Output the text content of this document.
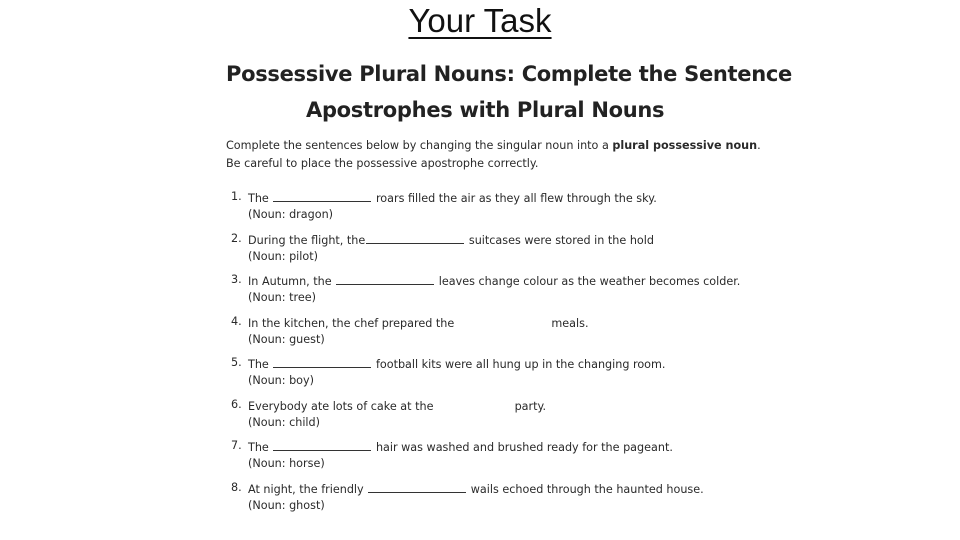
Your Task
Possessive Plural Nouns: Complete the Sentence
Apostrophes with Plural Nouns
Complete the sentences below by changing the singular noun into a plural possessive noun.
Be careful to place the possessive apostrophe correctly.
1. The	roars filled the air as they all flew through the sky.
(Noun: dragon)
2. During the flight, the	suitcases were stored in the hold
(Noun: pilot)
3. In Autumn, the	leaves change colour as the weather becomes colder.
(Noun: tree)
4. In the kitchen, the chef prepared the	meals.
(Noun: guest)
5. The	football kits were all hung up in the changing room.
(Noun: boy)
6. Everybody ate lots of cake at the	party.
(Noun: child)
7. The	hair was washed and brushed ready for the pageant.
(Noun: horse)
8. At night, the friendly	wails echoed through the haunted house.
(Noun: ghost)
